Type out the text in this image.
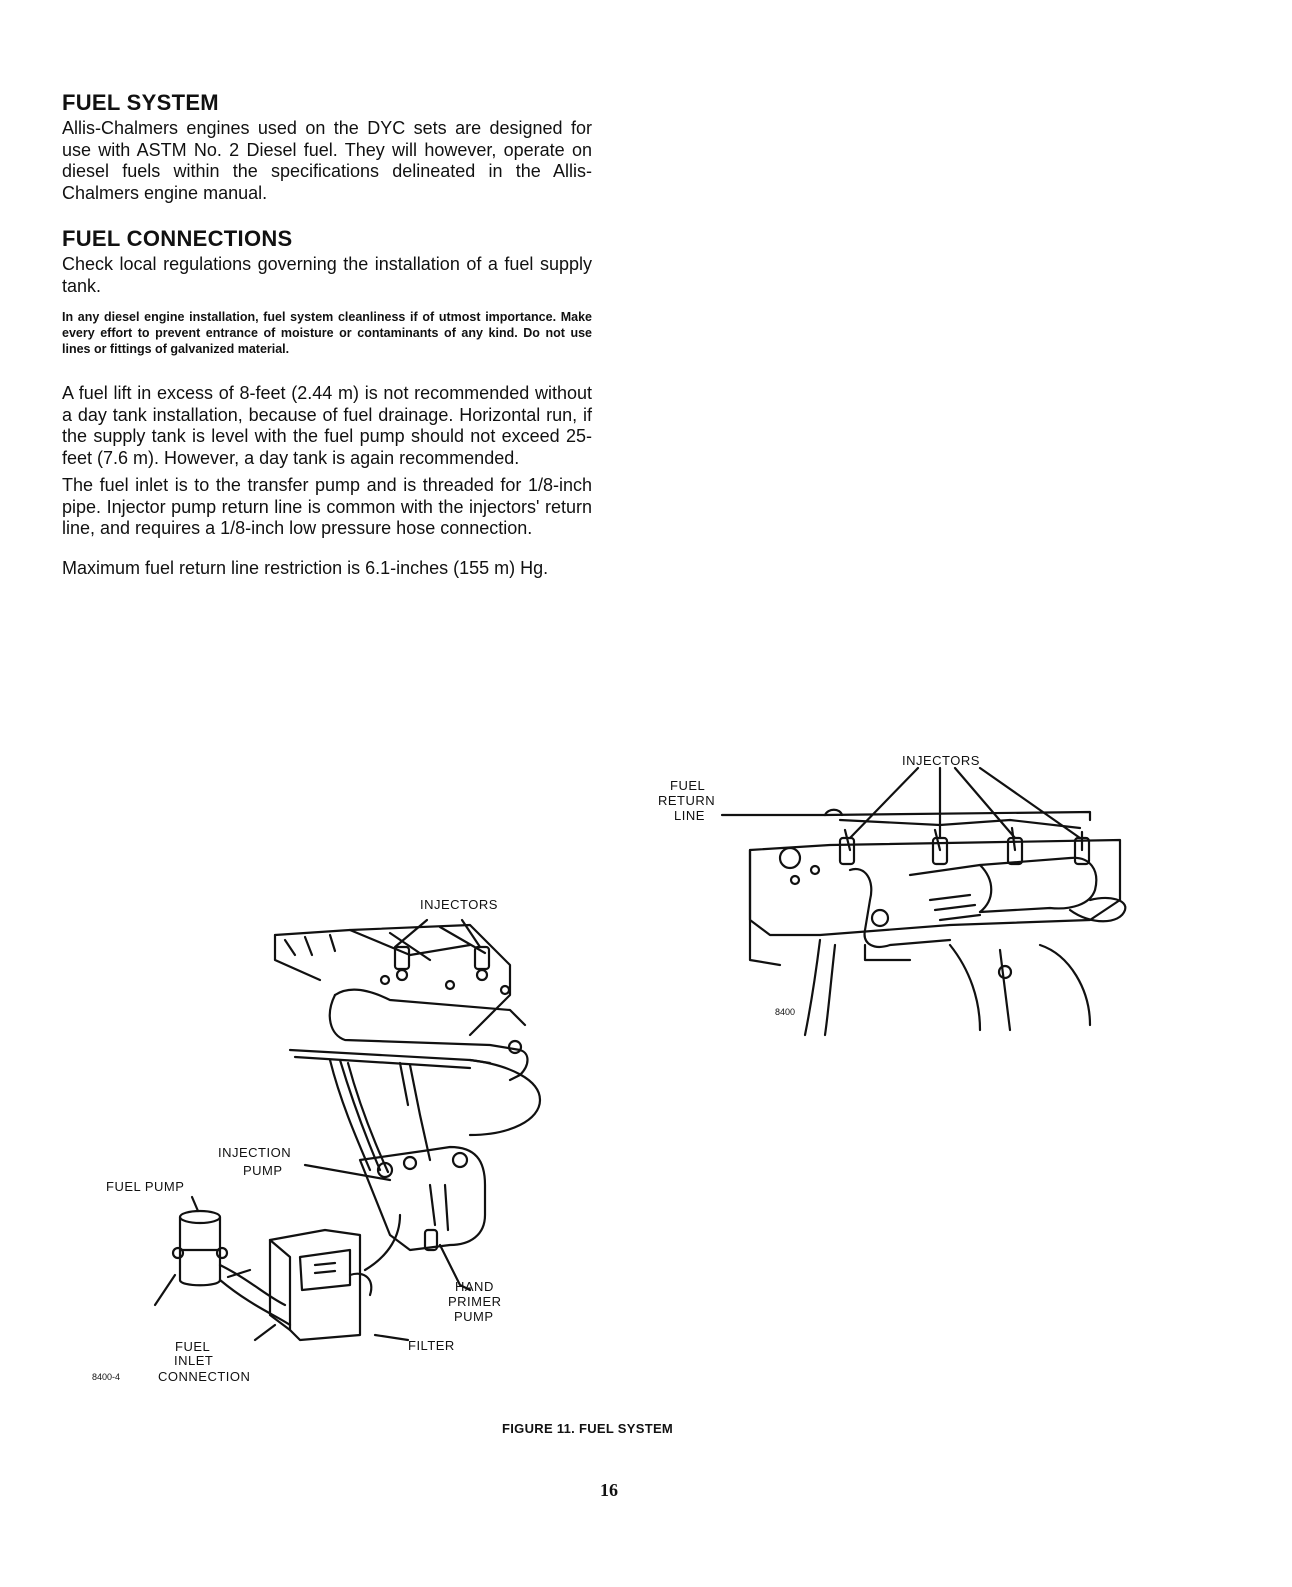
FUEL SYSTEM

Allis-Chalmers engines used on the DYC sets are designed for use with ASTM No. 2 Diesel fuel. They will however, operate on diesel fuels within the specifications delineated in the Allis-Chalmers engine manual.

FUEL CONNECTIONS

Check local regulations governing the installation of a fuel supply tank.

In any diesel engine installation, fuel system cleanliness if of utmost importance. Make every effort to prevent entrance of moisture or contaminants of any kind. Do not use lines or fittings of galvanized material.

A fuel lift in excess of 8-feet (2.44 m) is not recommended without a day tank installation, because of fuel drainage. Horizontal run, if the supply tank is level with the fuel pump should not exceed 25-feet (7.6 m). However, a day tank is again recommended.

The fuel inlet is to the transfer pump and is threaded for 1/8-inch pipe. Injector pump return line is common with the injectors' return line, and requires a 1/8-inch low pressure hose connection.

Maximum fuel return line restriction is 6.1-inches (155 m) Hg.

INJECTORS
INJECTION
PUMP
FUEL PUMP
HAND
PRIMER
PUMP
FILTER
FUEL
INLET
CONNECTION
8400-4
INJECTORS
FUEL
RETURN
LINE
8400
FIGURE 11. FUEL SYSTEM
16
